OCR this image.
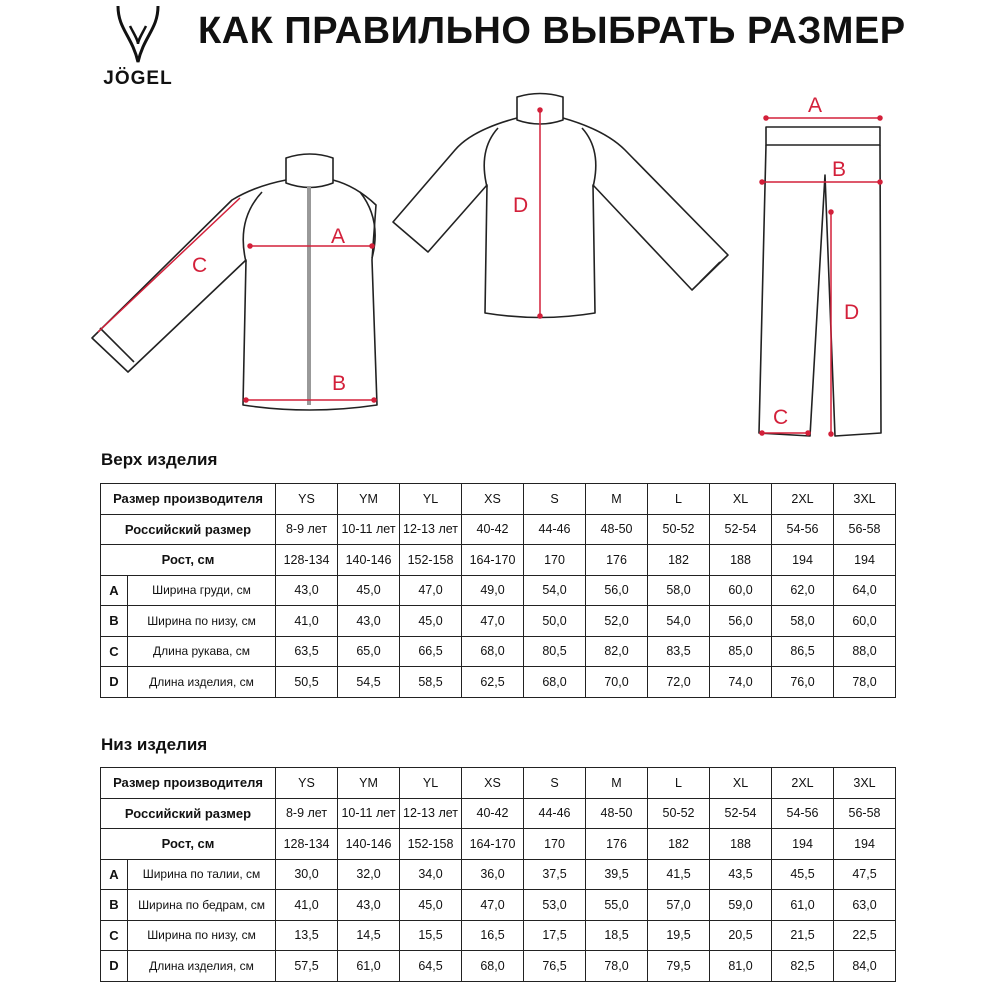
JÖGEL
КАК ПРАВИЛЬНО ВЫБРАТЬ РАЗМЕР
A
B
C
D
A
B
C
D
Верх изделия
Размер производителя		YS	YM	YL	XS	S	M	L	XL	2XL	3XL
Российский размер		8-9 лет	10-11 лет	12-13 лет	40-42	44-46	48-50	50-52	52-54	54-56	56-58
Рост, см		128-134	140-146	152-158	164-170	170	176	182	188	194	194
A	Ширина груди, см	43,0	45,0	47,0	49,0	54,0	56,0	58,0	60,0	62,0	64,0
B	Ширина по низу, см	41,0	43,0	45,0	47,0	50,0	52,0	54,0	56,0	58,0	60,0
C	Длина рукава, см	63,5	65,0	66,5	68,0	80,5	82,0	83,5	85,0	86,5	88,0
D	Длина изделия, см	50,5	54,5	58,5	62,5	68,0	70,0	72,0	74,0	76,0	78,0
Низ изделия
Размер производителя		YS	YM	YL	XS	S	M	L	XL	2XL	3XL
Российский размер		8-9 лет	10-11 лет	12-13 лет	40-42	44-46	48-50	50-52	52-54	54-56	56-58
Рост, см		128-134	140-146	152-158	164-170	170	176	182	188	194	194
A	Ширина по талии, см	30,0	32,0	34,0	36,0	37,5	39,5	41,5	43,5	45,5	47,5
B	Ширина по бедрам, см	41,0	43,0	45,0	47,0	53,0	55,0	57,0	59,0	61,0	63,0
C	Ширина по низу, см	13,5	14,5	15,5	16,5	17,5	18,5	19,5	20,5	21,5	22,5
D	Длина изделия, см	57,5	61,0	64,5	68,0	76,5	78,0	79,5	81,0	82,5	84,0
